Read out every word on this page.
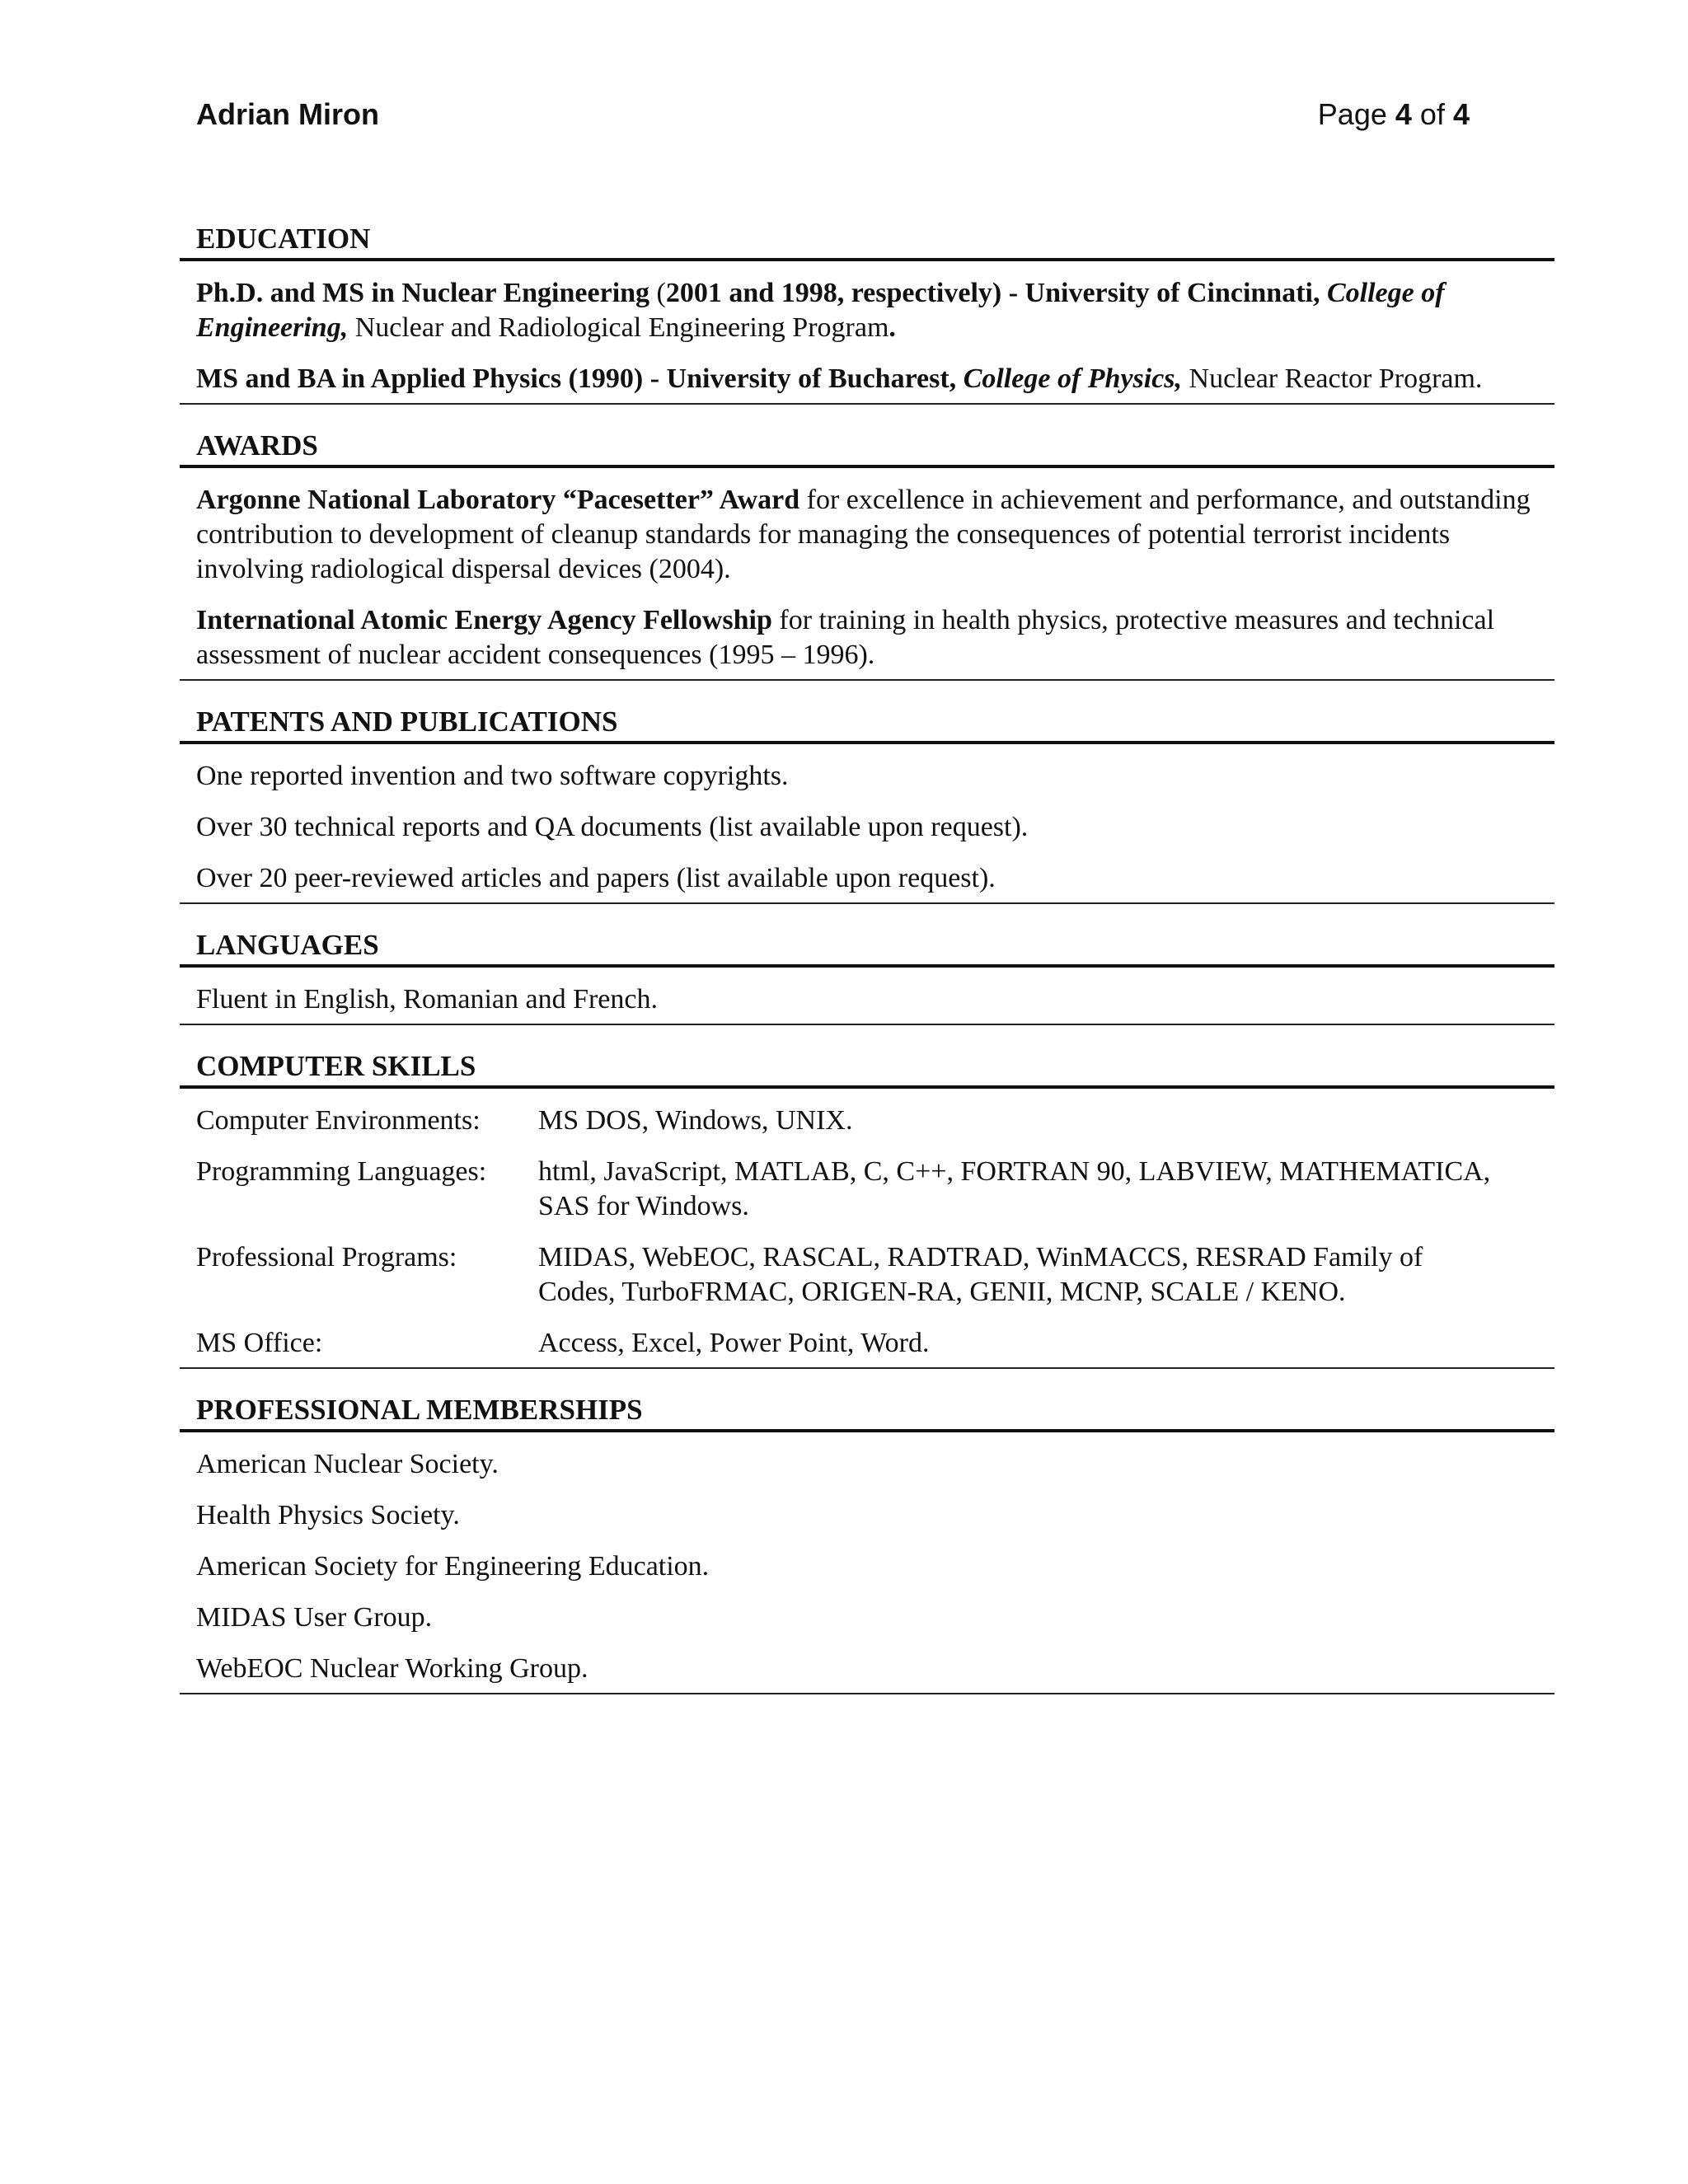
Adrian Miron	Page 4 of 4
EDUCATION
Ph.D. and MS in Nuclear Engineering (2001 and 1998, respectively) - University of Cincinnati, College of Engineering, Nuclear and Radiological Engineering Program.
MS and BA in Applied Physics (1990) - University of Bucharest, College of Physics, Nuclear Reactor Program.
AWARDS
Argonne National Laboratory “Pacesetter” Award for excellence in achievement and performance, and outstanding contribution to development of cleanup standards for managing the consequences of potential terrorist incidents involving radiological dispersal devices (2004).
International Atomic Energy Agency Fellowship for training in health physics, protective measures and technical assessment of nuclear accident consequences (1995 – 1996).
PATENTS AND PUBLICATIONS
One reported invention and two software copyrights.
Over 30 technical reports and QA documents (list available upon request).
Over 20 peer-reviewed articles and papers (list available upon request).
LANGUAGES
Fluent in English, Romanian and French.
COMPUTER SKILLS
Computer Environments:	MS DOS, Windows, UNIX.
Programming Languages:	html, JavaScript, MATLAB, C, C++, FORTRAN 90, LABVIEW, MATHEMATICA, SAS for Windows.
Professional Programs:	MIDAS, WebEOC, RASCAL, RADTRAD, WinMACCS, RESRAD Family of Codes, TurboFRMAC, ORIGEN-RA, GENII, MCNP, SCALE / KENO.
MS Office:	Access, Excel, Power Point, Word.
PROFESSIONAL MEMBERSHIPS
American Nuclear Society.
Health Physics Society.
American Society for Engineering Education.
MIDAS User Group.
WebEOC Nuclear Working Group.
